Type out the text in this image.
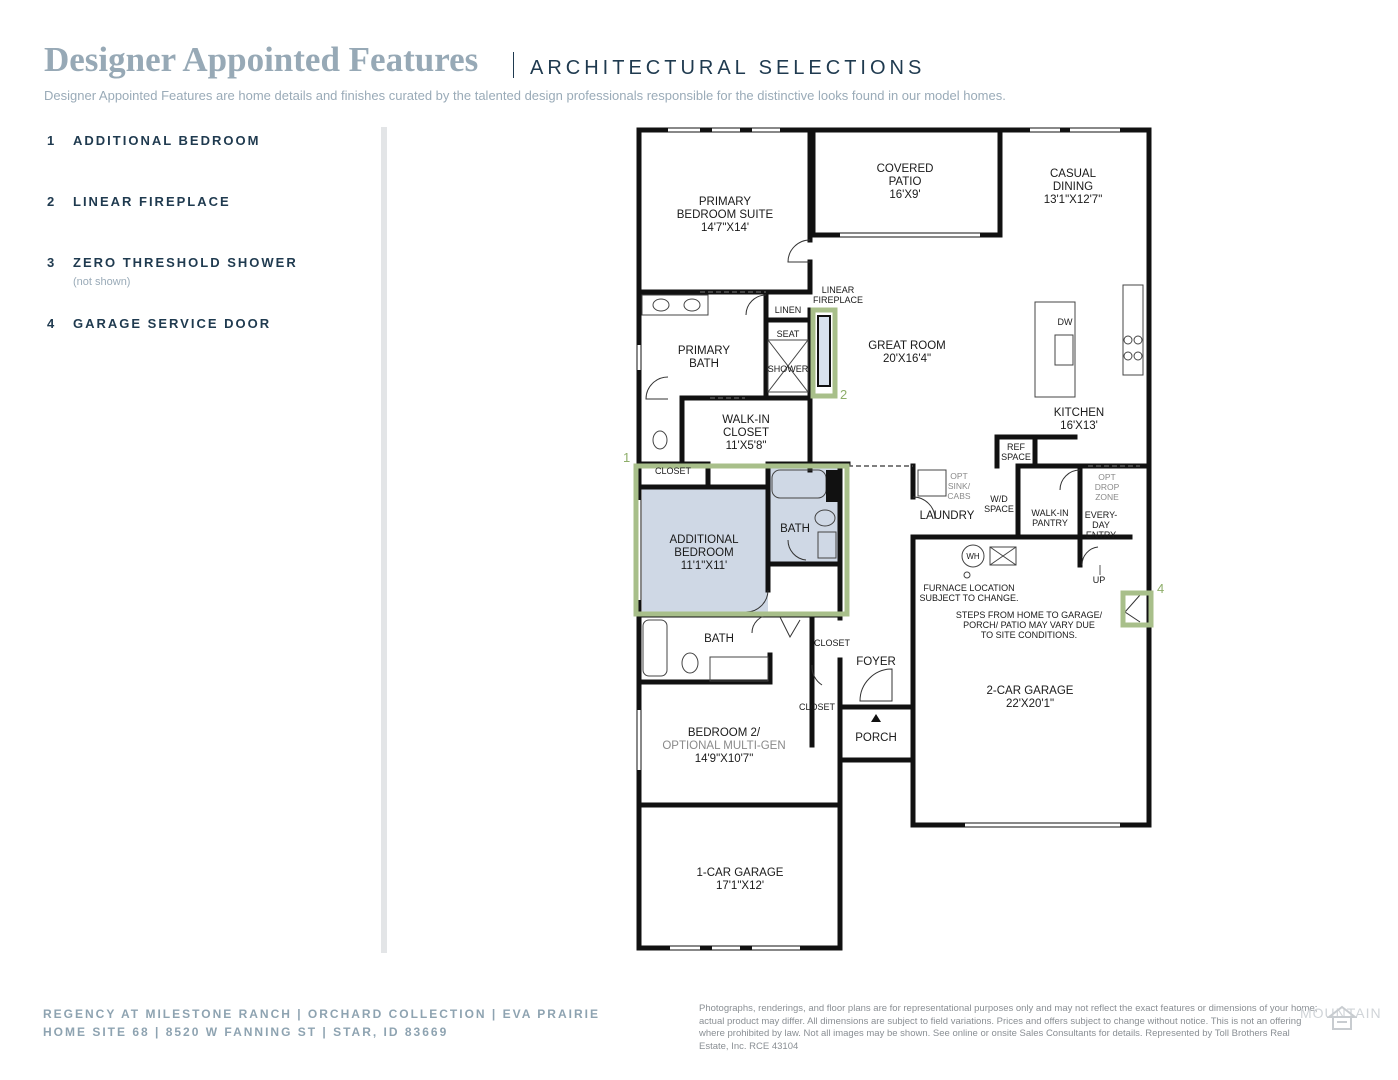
Designer Appointed Features	ARCHITECTURAL SELECTIONS
Designer Appointed Features are home details and finishes curated by the talented design professionals responsible for the distinctive looks found in our model homes.
1 ADDITIONAL BEDROOM
2 LINEAR FIREPLACE
3 ZERO THRESHOLD SHOWER
(not shown)
4 GARAGE SERVICE DOOR
1
2
4
COVERED
PATIO
16'X9'
CASUAL
DINING
13'1"X12'7"
PRIMARY
BEDROOM SUITE
14'7"X14'
LINEAR
FIREPLACE
LINEN
SEAT
SHOWER
PRIMARY
BATH
GREAT ROOM
20'X16'4"
DW
KITCHEN
16'X13'
WALK-IN
CLOSET
11'X5'8"	REF
SPACE
CLOSET	OPT
SINK/
CABS W/D
SPACE
LAUNDRY	WALK-IN
PANTRY
OPT
DROP
ZONE
EVERY-
DAY
ENTRY
ADDITIONAL
BEDROOM
11'1"X11'
BATH
BATH
WH
FURNACE LOCATION
SUBJECT TO CHANGE.
UP
STEPS FROM HOME TO GARAGE/
PORCH/ PATIO MAY VARY DUE
TO SITE CONDITIONS.
CLOSET
CLOSET
FOYER
PORCH
2-CAR GARAGE
22'X20'1"
BEDROOM 2/
OPTIONAL MULTI-GEN
14'9"X10'7"
1-CAR GARAGE
17'1"X12'
REGENCY AT MILESTONE RANCH | ORCHARD COLLECTION | EVA PRAIRIE
HOME SITE 68 | 8520 W FANNING ST | STAR, ID 83669
Photographs, renderings, and floor plans are for representational purposes only and may not reflect the exact features or dimensions of your home; actual product may differ. All dimensions are subject to field variations. Prices and offers subject to change without notice. This is not an offering where prohibited by law. Not all images may be shown. See online or onsite Sales Consultants for details. Represented by Toll Brothers Real Estate, Inc. RCE 43104
MOUNTAIN
